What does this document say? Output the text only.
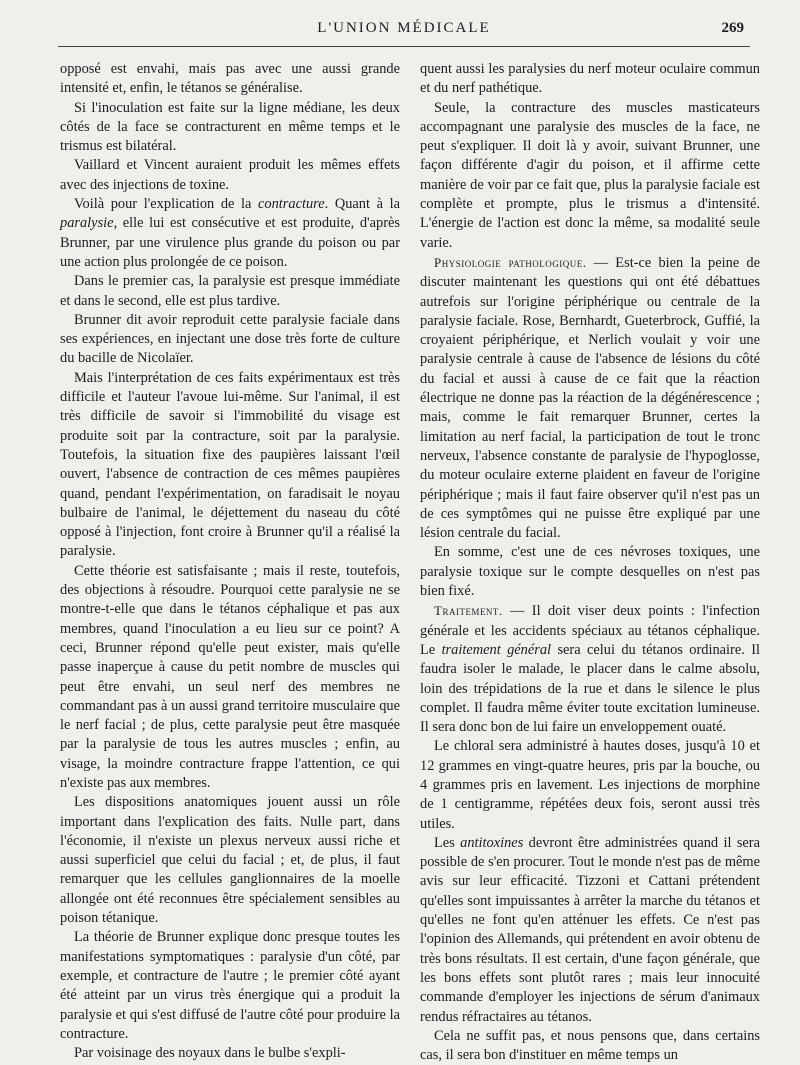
L'UNION MÉDICALE	269

opposé est envahi, mais pas avec une aussi grande intensité et, enfin, le tétanos se généralise.

Si l'inoculation est faite sur la ligne médiane, les deux côtés de la face se contracturent en même temps et le trismus est bilatéral.

Vaillard et Vincent auraient produit les mêmes effets avec des injections de toxine.

Voilà pour l'explication de la contracture. Quant à la paralysie, elle lui est consécutive et est produite, d'après Brunner, par une virulence plus grande du poison ou par une action plus prolongée de ce poison.

Dans le premier cas, la paralysie est presque immédiate et dans le second, elle est plus tardive.

Brunner dit avoir reproduit cette paralysie faciale dans ses expériences, en injectant une dose très forte de culture du bacille de Nicolaïer.

Mais l'interprétation de ces faits expérimentaux est très difficile et l'auteur l'avoue lui-même. Sur l'animal, il est très difficile de savoir si l'immobilité du visage est produite soit par la contracture, soit par la paralysie. Toutefois, la situation fixe des paupières laissant l'œil ouvert, l'absence de contraction de ces mêmes paupières quand, pendant l'expérimentation, on faradisait le noyau bulbaire de l'animal, le déjettement du naseau du côté opposé à l'injection, font croire à Brunner qu'il a réalisé la paralysie.

Cette théorie est satisfaisante ; mais il reste, toutefois, des objections à résoudre. Pourquoi cette paralysie ne se montre-t-elle que dans le tétanos céphalique et pas aux membres, quand l'inoculation a eu lieu sur ce point? A ceci, Brunner répond qu'elle peut exister, mais qu'elle passe inaperçue à cause du petit nombre de muscles qui peut être envahi, un seul nerf des membres ne commandant pas à un aussi grand territoire musculaire que le nerf facial ; de plus, cette paralysie peut être masquée par la paralysie de tous les autres muscles ; enfin, au visage, la moindre contracture frappe l'attention, ce qui n'existe pas aux membres.

Les dispositions anatomiques jouent aussi un rôle important dans l'explication des faits. Nulle part, dans l'économie, il n'existe un plexus nerveux aussi riche et aussi superficiel que celui du facial ; et, de plus, il faut remarquer que les cellules ganglionnaires de la moelle allongée ont été reconnues être spécialement sensibles au poison tétanique.

La théorie de Brunner explique donc presque toutes les manifestations symptomatiques : paralysie d'un côté, par exemple, et contracture de l'autre ; le premier côté ayant été atteint par un virus très énergique qui a produit la paralysie et qui s'est diffusé de l'autre côté pour produire la contracture.

Par voisinage des noyaux dans le bulbe s'expli-

quent aussi les paralysies du nerf moteur oculaire commun et du nerf pathétique.

Seule, la contracture des muscles masticateurs accompagnant une paralysie des muscles de la face, ne peut s'expliquer. Il doit là y avoir, suivant Brunner, une façon différente d'agir du poison, et il affirme cette manière de voir par ce fait que, plus la paralysie faciale est complète et prompte, plus le trismus a d'intensité. L'énergie de l'action est donc la même, sa modalité seule varie.

Physiologie pathologique. — Est-ce bien la peine de discuter maintenant les questions qui ont été débattues autrefois sur l'origine périphérique ou centrale de la paralysie faciale. Rose, Bernhardt, Gueterbrock, Guffié, la croyaient périphérique, et Nerlich voulait y voir une paralysie centrale à cause de l'absence de lésions du côté du facial et aussi à cause de ce fait que la réaction électrique ne donne pas la réaction de la dégénérescence ; mais, comme le fait remarquer Brunner, certes la limitation au nerf facial, la participation de tout le tronc nerveux, l'absence constante de paralysie de l'hypoglosse, du moteur oculaire externe plaident en faveur de l'origine périphérique ; mais il faut faire observer qu'il n'est pas un de ces symptômes qui ne puisse être expliqué par une lésion centrale du facial.

En somme, c'est une de ces névroses toxiques, une paralysie toxique sur le compte desquelles on n'est pas bien fixé.

Traitement. — Il doit viser deux points : l'infection générale et les accidents spéciaux au tétanos céphalique. Le traitement général sera celui du tétanos ordinaire. Il faudra isoler le malade, le placer dans le calme absolu, loin des trépidations de la rue et dans le silence le plus complet. Il faudra même éviter toute excitation lumineuse. Il sera donc bon de lui faire un enveloppement ouaté.

Le chloral sera administré à hautes doses, jusqu'à 10 et 12 grammes en vingt-quatre heures, pris par la bouche, ou 4 grammes pris en lavement. Les injections de morphine de 1 centigramme, répétées deux fois, seront aussi très utiles.

Les antitoxines devront être administrées quand il sera possible de s'en procurer. Tout le monde n'est pas de même avis sur leur efficacité. Tizzoni et Cattani prétendent qu'elles sont impuissantes à arrêter la marche du tétanos et qu'elles ne font qu'en atténuer les effets. Ce n'est pas l'opinion des Allemands, qui prétendent en avoir obtenu de très bons résultats. Il est certain, d'une façon générale, que les bons effets sont plutôt rares ; mais leur innocuité commande d'employer les injections de sérum d'animaux rendus réfractaires au tétanos.

Cela ne suffit pas, et nous pensons que, dans certains cas, il sera bon d'instituer en même temps un
